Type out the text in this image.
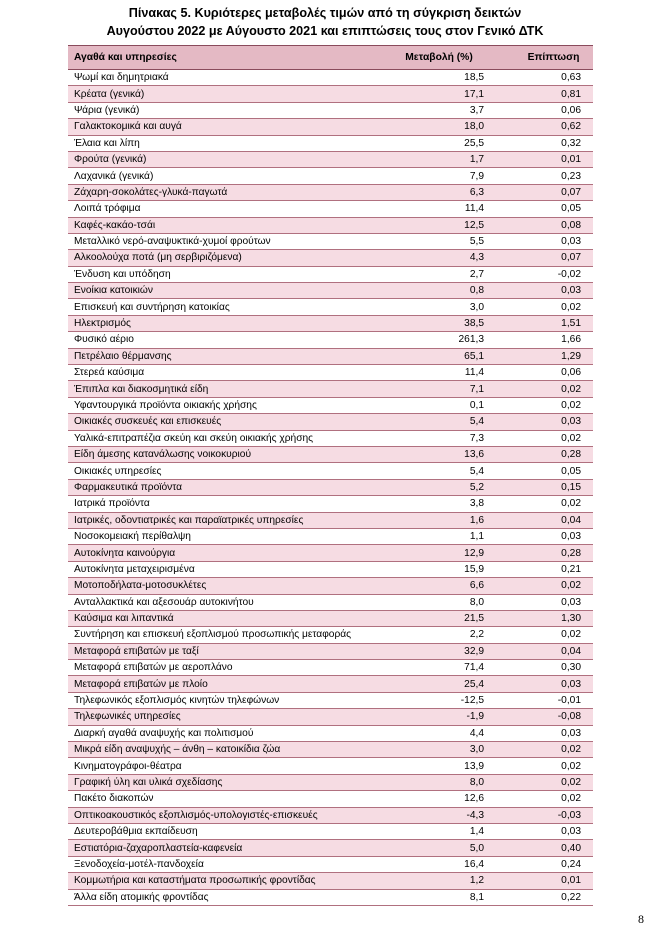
Πίνακας 5. Κυριότερες μεταβολές τιμών από τη σύγκριση δεικτών
Αυγούστου 2022 με Αύγουστο 2021 και επιπτώσεις τους στον Γενικό ΔΤΚ
Αγαθά και υπηρεσίες	Μεταβολή (%)	Επίπτωση
Ψωμί και δημητριακά	18,5	0,63
Κρέατα (γενικά)	17,1	0,81
Ψάρια (γενικά)	3,7	0,06
Γαλακτοκομικά και αυγά	18,0	0,62
Έλαια και λίπη	25,5	0,32
Φρούτα (γενικά)	1,7	0,01
Λαχανικά (γενικά)	7,9	0,23
Ζάχαρη-σοκολάτες-γλυκά-παγωτά	6,3	0,07
Λοιπά τρόφιμα	11,4	0,05
Καφές-κακάο-τσάι	12,5	0,08
Μεταλλικό νερό-αναψυκτικά-χυμοί φρούτων	5,5	0,03
Αλκοολούχα ποτά (μη σερβιριζόμενα)	4,3	0,07
Ένδυση και υπόδηση	2,7	-0,02
Ενοίκια κατοικιών	0,8	0,03
Επισκευή και συντήρηση κατοικίας	3,0	0,02
Ηλεκτρισμός	38,5	1,51
Φυσικό αέριο	261,3	1,66
Πετρέλαιο θέρμανσης	65,1	1,29
Στερεά καύσιμα	11,4	0,06
Έπιπλα και διακοσμητικά είδη	7,1	0,02
Υφαντουργικά προϊόντα οικιακής χρήσης	0,1	0,02
Οικιακές συσκευές και επισκευές	5,4	0,03
Υαλικά-επιτραπέζια σκεύη και σκεύη οικιακής χρήσης	7,3	0,02
Είδη άμεσης κατανάλωσης νοικοκυριού	13,6	0,28
Οικιακές υπηρεσίες	5,4	0,05
Φαρμακευτικά προϊόντα	5,2	0,15
Ιατρικά προϊόντα	3,8	0,02
Ιατρικές, οδοντιατρικές και παραϊατρικές υπηρεσίες	1,6	0,04
Νοσοκομειακή περίθαλψη	1,1	0,03
Αυτοκίνητα καινούργια	12,9	0,28
Αυτοκίνητα μεταχειρισμένα	15,9	0,21
Μοτοποδήλατα-μοτοσυκλέτες	6,6	0,02
Ανταλλακτικά και αξεσουάρ αυτοκινήτου	8,0	0,03
Καύσιμα και λιπαντικά	21,5	1,30
Συντήρηση και επισκευή εξοπλισμού προσωπικής μεταφοράς	2,2	0,02
Μεταφορά επιβατών με ταξί	32,9	0,04
Μεταφορά επιβατών με αεροπλάνο	71,4	0,30
Μεταφορά επιβατών με πλοίο	25,4	0,03
Τηλεφωνικός εξοπλισμός κινητών τηλεφώνων	-12,5	-0,01
Τηλεφωνικές υπηρεσίες	-1,9	-0,08
Διαρκή αγαθά αναψυχής και πολιτισμού	4,4	0,03
Μικρά είδη αναψυχής – άνθη – κατοικίδια ζώα	3,0	0,02
Κινηματογράφοι-θέατρα	13,9	0,02
Γραφική ύλη και υλικά σχεδίασης	8,0	0,02
Πακέτο διακοπών	12,6	0,02
Οπτικοακουστικός εξοπλισμός-υπολογιστές-επισκευές	-4,3	-0,03
Δευτεροβάθμια εκπαίδευση	1,4	0,03
Εστιατόρια-ζαχαροπλαστεία-καφενεία	5,0	0,40
Ξενοδοχεία-μοτέλ-πανδοχεία	16,4	0,24
Κομμωτήρια και καταστήματα προσωπικής φροντίδας	1,2	0,01
Άλλα είδη ατομικής φροντίδας	8,1	0,22
8
